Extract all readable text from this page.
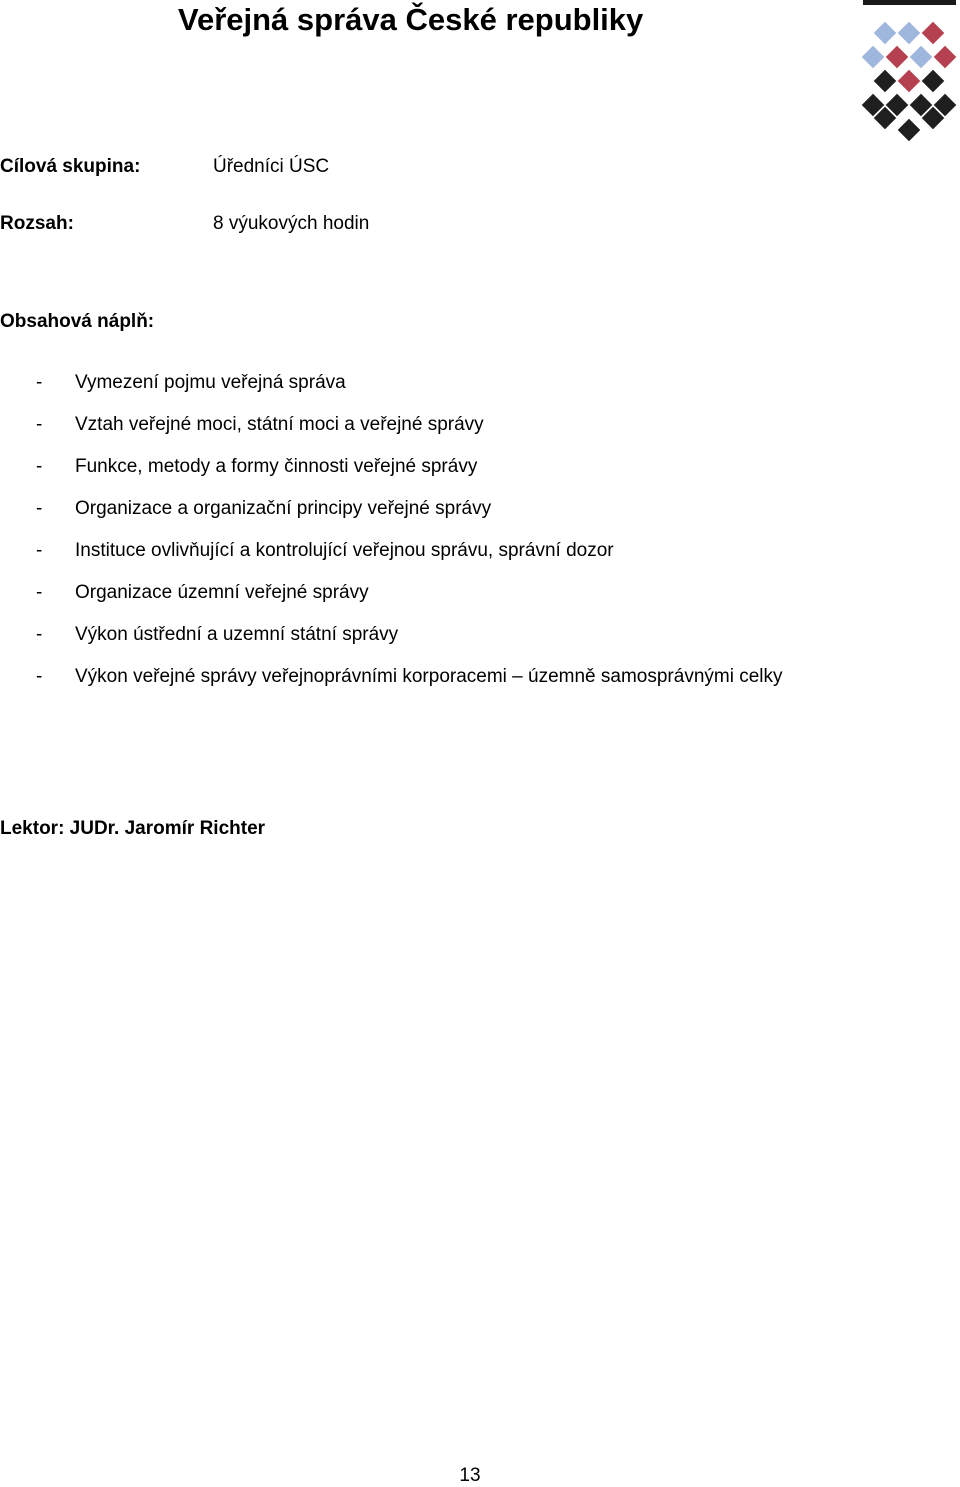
Veřejná správa České republiky
Cílová skupina:	Úředníci ÚSC
Rozsah:	8 výukových hodin
Obsahová náplň:
- Vymezení pojmu veřejná správa
- Vztah veřejné moci, státní moci a veřejné správy
- Funkce, metody a formy činnosti veřejné správy
- Organizace a organizační principy veřejné správy
- Instituce ovlivňující a kontrolující veřejnou správu, správní dozor
- Organizace územní veřejné správy
- Výkon ústřední a uzemní státní správy
- Výkon veřejné správy veřejnoprávními korporacemi – územně samosprávnými celky
Lektor: JUDr. Jaromír Richter
13
